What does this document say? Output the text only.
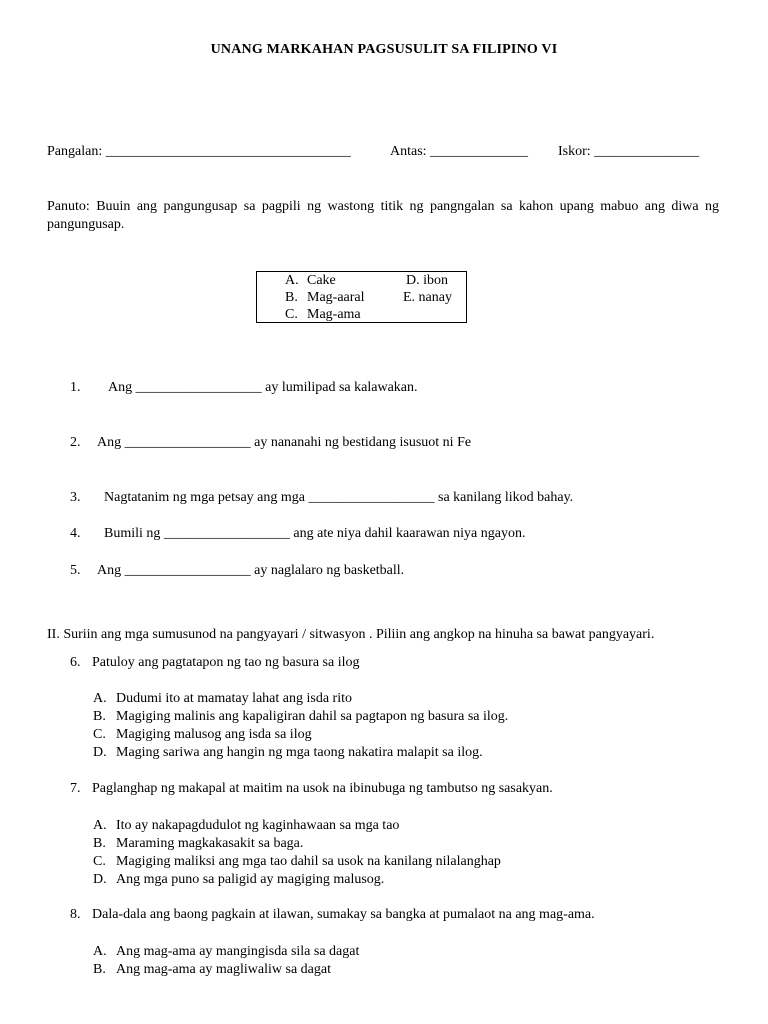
UNANG MARKAHAN PAGSUSULIT SA FILIPINO VI
Pangalan: ___________________________________	Antas: ______________ Iskor: _______________
Panuto: Buuin ang pangungusap sa pagpili ng wastong titik ng pangngalan sa kahon upang mabuo ang diwa ng pangungusap.
A. Cake
B. Mag-aaral
C. Mag-ama
D. ibon
E. nanay
1. Ang __________________ ay lumilipad sa kalawakan.
2. Ang __________________ ay nananahi ng bestidang isusuot ni Fe
3. Nagtatanim ng mga petsay ang mga __________________ sa kanilang likod bahay.
4. Bumili ng __________________ ang ate niya dahil kaarawan niya ngayon.
5. Ang __________________ ay naglalaro ng basketball.
II. Suriin ang mga sumusunod na pangyayari / sitwasyon . Piliin ang angkop na hinuha sa bawat pangyayari.
6. Patuloy ang pagtatapon ng tao ng basura sa ilog
A. Dudumi ito at mamatay lahat ang isda rito
B. Magiging malinis ang kapaligiran dahil sa pagtapon ng basura sa ilog.
C. Magiging malusog ang isda sa ilog
D. Maging sariwa ang hangin ng mga taong nakatira malapit sa ilog.
7. Paglanghap ng makapal at maitim na usok na ibinubuga ng tambutso ng sasakyan.
A. Ito ay nakapagdudulot ng kaginhawaan sa mga tao
B. Maraming magkakasakit sa baga.
C. Magiging maliksi ang mga tao dahil sa usok na kanilang nilalanghap
D. Ang mga puno sa paligid ay magiging malusog.
8. Dala-dala ang baong pagkain at ilawan, sumakay sa bangka at pumalaot na ang mag-ama.
A. Ang mag-ama ay mangingisda sila sa dagat
B. Ang mag-ama ay magliwaliw sa dagat
